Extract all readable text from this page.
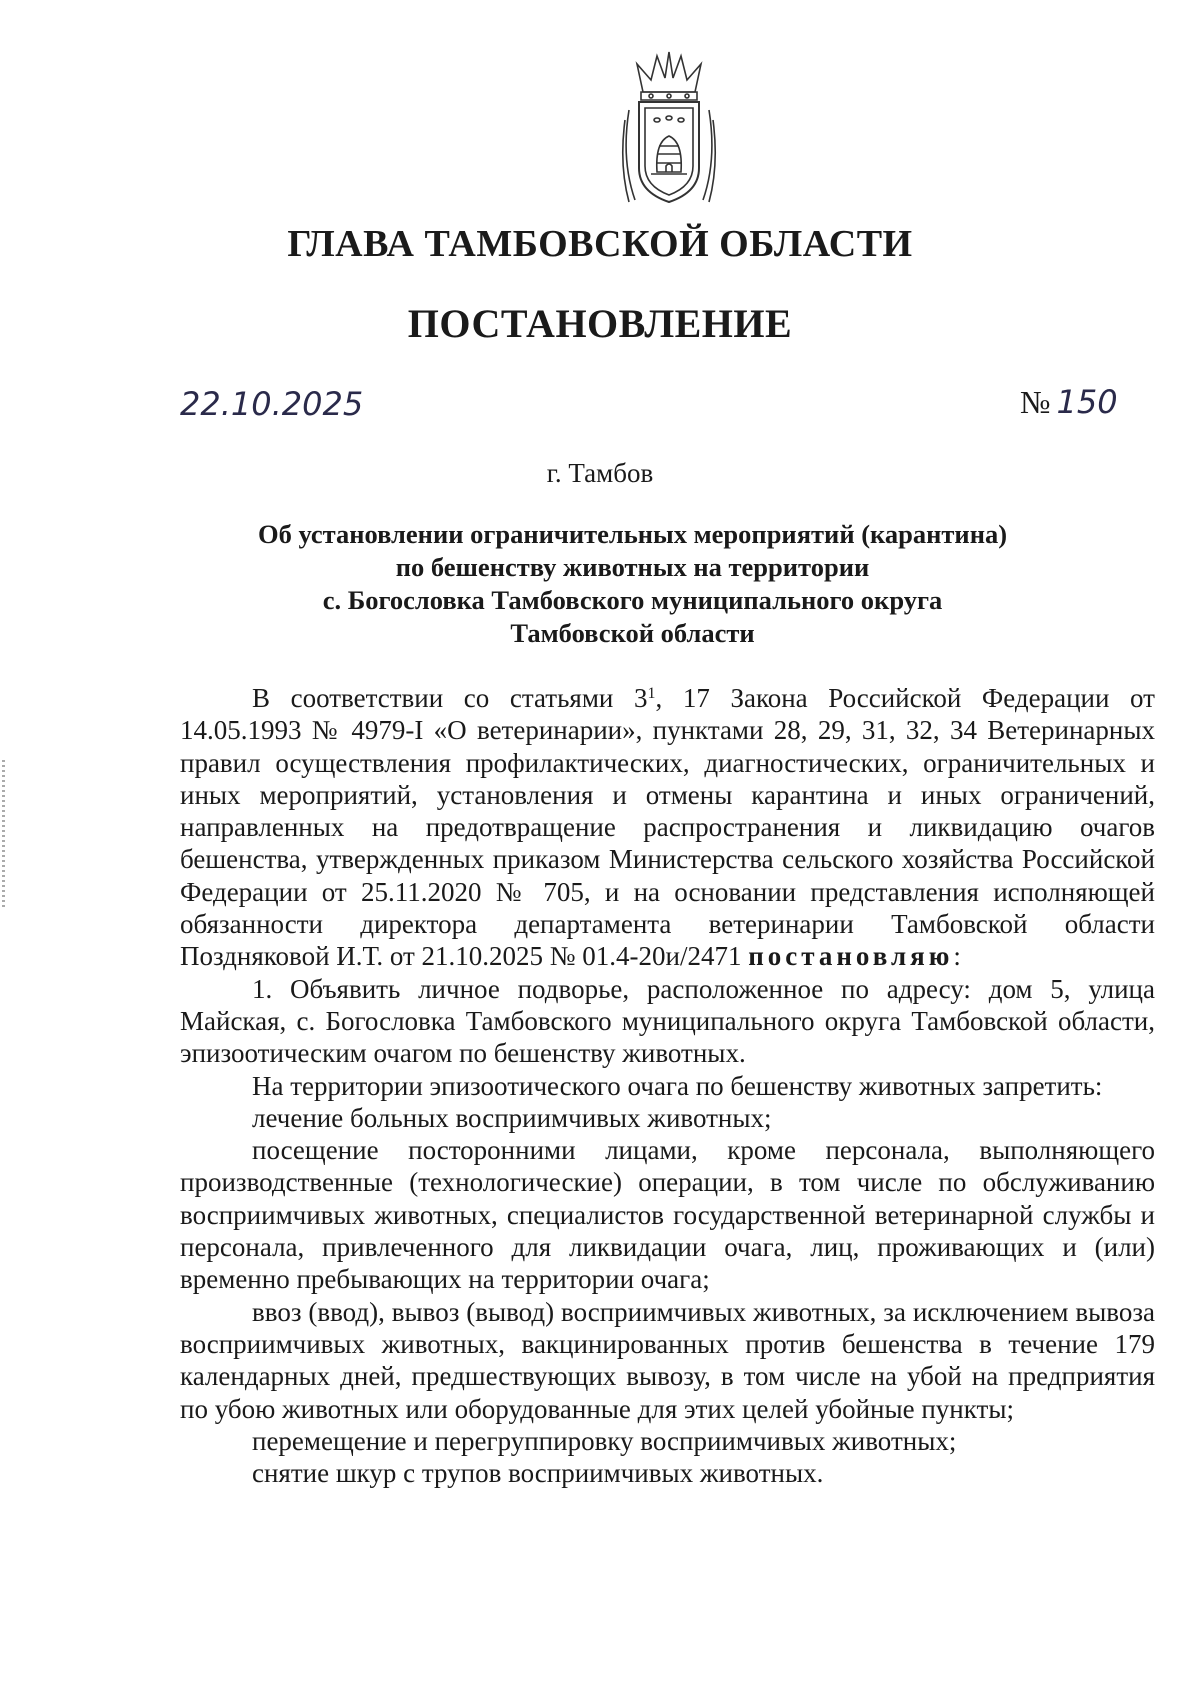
ГЛАВА ТАМБОВСКОЙ ОБЛАСТИ
ПОСТАНОВЛЕНИЕ
22.10.2025	№ 150
г. Тамбов
Об установлении ограничительных мероприятий (карантина)
по бешенству животных на территории
с. Богословка Тамбовского муниципального округа
Тамбовской области

В соответствии со статьями $3^1$, 17 Закона Российской Федерации от 14.05.1993 № 4979-I «О ветеринарии», пунктами 28, 29, 31, 32, 34 Ветеринарных правил осуществления профилактических, диагностических, ограничительных и иных мероприятий, установления и отмены карантина и иных ограничений, направленных на предотвращение распространения и ликвидацию очагов бешенства, утвержденных приказом Министерства сельского хозяйства Российской Федерации от 25.11.2020 № 705, и на основании представления исполняющей обязанности директора департамента ветеринарии Тамбовской области Поздняковой И.Т. от 21.10.2025 № 01.4-20и/2471 постановляю:

1. Объявить личное подворье, расположенное по адресу: дом 5, улица Майская, с. Богословка Тамбовского муниципального округа Тамбовской области, эпизоотическим очагом по бешенству животных.

На территории эпизоотического очага по бешенству животных запретить:

лечение больных восприимчивых животных;

посещение посторонними лицами, кроме персонала, выполняющего производственные (технологические) операции, в том числе по обслуживанию восприимчивых животных, специалистов государственной ветеринарной службы и персонала, привлеченного для ликвидации очага, лиц, проживающих и (или) временно пребывающих на территории очага;

ввоз (ввод), вывоз (вывод) восприимчивых животных, за исключением вывоза восприимчивых животных, вакцинированных против бешенства в течение 179 календарных дней, предшествующих вывозу, в том числе на убой на предприятия по убою животных или оборудованные для этих целей убойные пункты;

перемещение и перегруппировку восприимчивых животных;

снятие шкур с трупов восприимчивых животных.
